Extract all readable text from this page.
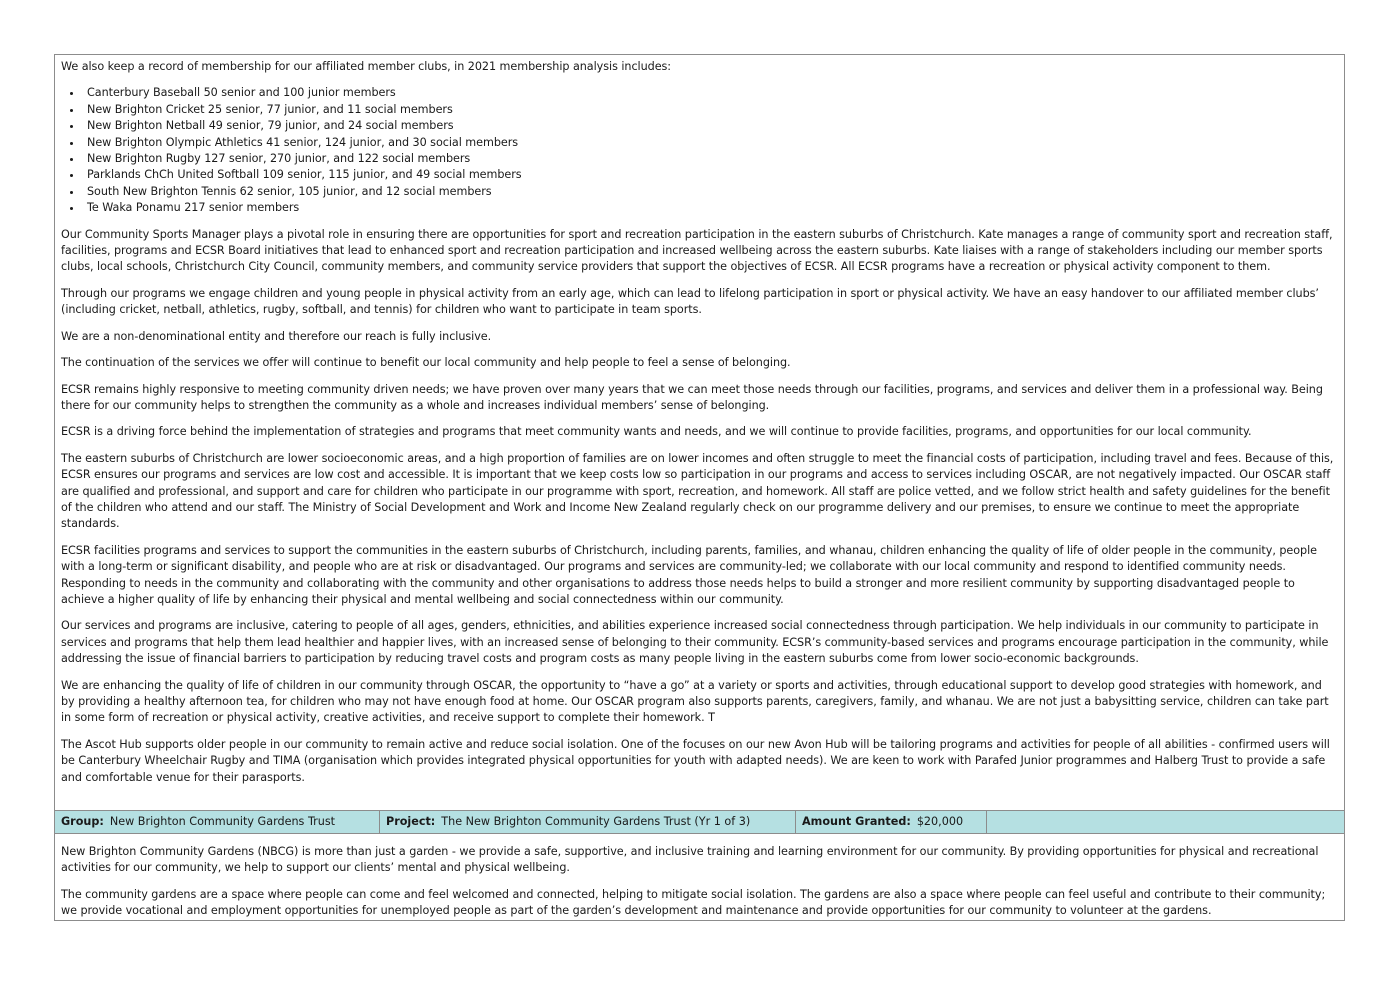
We also keep a record of membership for our affiliated member clubs, in 2021 membership analysis includes:

• Canterbury Baseball 50 senior and 100 junior members
• New Brighton Cricket 25 senior, 77 junior, and 11 social members
• New Brighton Netball 49 senior, 79 junior, and 24 social members
• New Brighton Olympic Athletics 41 senior, 124 junior, and 30 social members
• New Brighton Rugby 127 senior, 270 junior, and 122 social members
• Parklands ChCh United Softball 109 senior, 115 junior, and 49 social members
• South New Brighton Tennis 62 senior, 105 junior, and 12 social members
• Te Waka Ponamu 217 senior members

Our Community Sports Manager plays a pivotal role in ensuring there are opportunities for sport and recreation participation in the eastern suburbs of Christchurch. Kate manages a range of community sport and recreation staff, facilities, programs and ECSR Board initiatives that lead to enhanced sport and recreation participation and increased wellbeing across the eastern suburbs. Kate liaises with a range of stakeholders including our member sports clubs, local schools, Christchurch City Council, community members, and community service providers that support the objectives of ECSR. All ECSR programs have a recreation or physical activity component to them.

Through our programs we engage children and young people in physical activity from an early age, which can lead to lifelong participation in sport or physical activity. We have an easy handover to our affiliated member clubs’ (including cricket, netball, athletics, rugby, softball, and tennis) for children who want to participate in team sports.

We are a non-denominational entity and therefore our reach is fully inclusive.

The continuation of the services we offer will continue to benefit our local community and help people to feel a sense of belonging.

ECSR remains highly responsive to meeting community driven needs; we have proven over many years that we can meet those needs through our facilities, programs, and services and deliver them in a professional way. Being there for our community helps to strengthen the community as a whole and increases individual members’ sense of belonging.

ECSR is a driving force behind the implementation of strategies and programs that meet community wants and needs, and we will continue to provide facilities, programs, and opportunities for our local community.

The eastern suburbs of Christchurch are lower socioeconomic areas, and a high proportion of families are on lower incomes and often struggle to meet the financial costs of participation, including travel and fees. Because of this, ECSR ensures our programs and services are low cost and accessible. It is important that we keep costs low so participation in our programs and access to services including OSCAR, are not negatively impacted. Our OSCAR staff are qualified and professional, and support and care for children who participate in our programme with sport, recreation, and homework. All staff are police vetted, and we follow strict health and safety guidelines for the benefit of the children who attend and our staff. The Ministry of Social Development and Work and Income New Zealand regularly check on our programme delivery and our premises, to ensure we continue to meet the appropriate standards.

ECSR facilities programs and services to support the communities in the eastern suburbs of Christchurch, including parents, families, and whanau, children enhancing the quality of life of older people in the community, people with a long-term or significant disability, and people who are at risk or disadvantaged. Our programs and services are community-led; we collaborate with our local community and respond to identified community needs. Responding to needs in the community and collaborating with the community and other organisations to address those needs helps to build a stronger and more resilient community by supporting disadvantaged people to achieve a higher quality of life by enhancing their physical and mental wellbeing and social connectedness within our community.

Our services and programs are inclusive, catering to people of all ages, genders, ethnicities, and abilities experience increased social connectedness through participation. We help individuals in our community to participate in services and programs that help them lead healthier and happier lives, with an increased sense of belonging to their community. ECSR’s community-based services and programs encourage participation in the community, while addressing the issue of financial barriers to participation by reducing travel costs and program costs as many people living in the eastern suburbs come from lower socio-economic backgrounds.

We are enhancing the quality of life of children in our community through OSCAR, the opportunity to “have a go” at a variety or sports and activities, through educational support to develop good strategies with homework, and by providing a healthy afternoon tea, for children who may not have enough food at home. Our OSCAR program also supports parents, caregivers, family, and whanau. We are not just a babysitting service, children can take part in some form of recreation or physical activity, creative activities, and receive support to complete their homework. T

The Ascot Hub supports older people in our community to remain active and reduce social isolation. One of the focuses on our new Avon Hub will be tailoring programs and activities for people of all abilities - confirmed users will be Canterbury Wheelchair Rugby and TIMA (organisation which provides integrated physical opportunities for youth with adapted needs). We are keen to work with Parafed Junior programmes and Halberg Trust to provide a safe and comfortable venue for their parasports.

Group: New Brighton Community Gardens Trust	Project: The New Brighton Community Gardens Trust (Yr 1 of 3)	Amount Granted: $20,000

New Brighton Community Gardens (NBCG) is more than just a garden - we provide a safe, supportive, and inclusive training and learning environment for our community. By providing opportunities for physical and recreational activities for our community, we help to support our clients’ mental and physical wellbeing.

The community gardens are a space where people can come and feel welcomed and connected, helping to mitigate social isolation. The gardens are also a space where people can feel useful and contribute to their community; we provide vocational and employment opportunities for unemployed people as part of the garden’s development and maintenance and provide opportunities for our community to volunteer at the gardens.
